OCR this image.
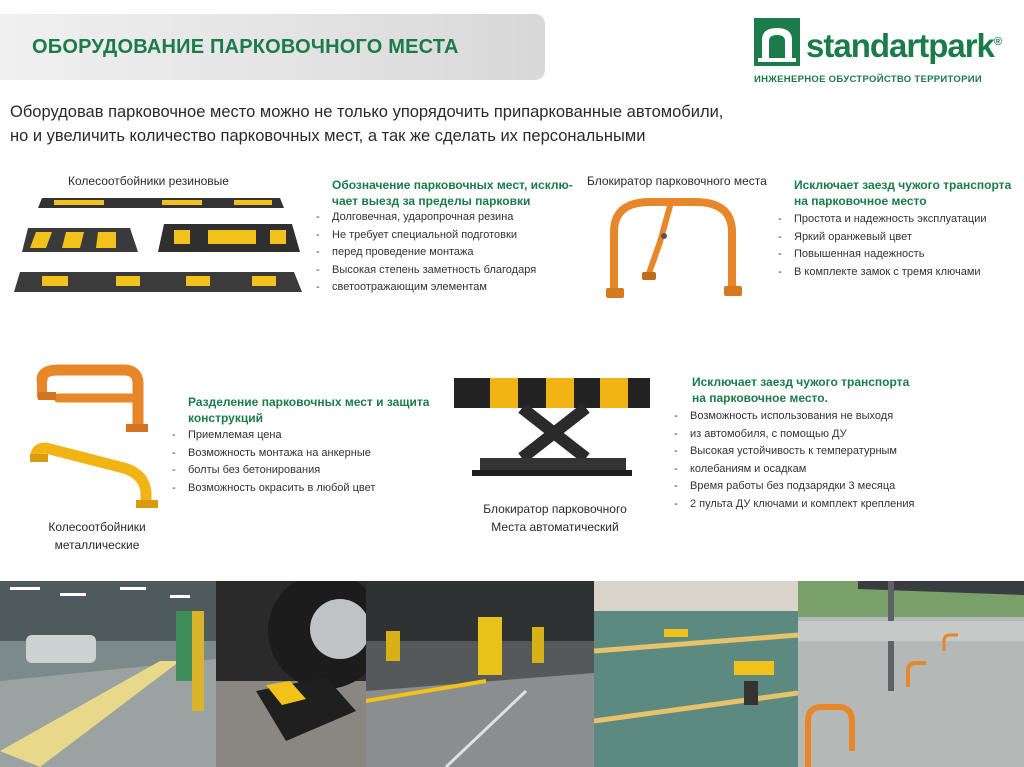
ОБОРУДОВАНИЕ ПАРКОВОЧНОГО МЕСТА	standartpark®
ИНЖЕНЕРНОЕ ОБУСТРОЙСТВО ТЕРРИТОРИИ
Оборудовав парковочное место можно не только упорядочить припаркованные автомобили,
но и увеличить количество парковочных мест, а так же сделать их персональными
Колесоотбойники резиновые	Обозначение парковочных мест, исклю-
чает выезд за пределы парковки
- Долговечная, ударопрочная резина
- Не требует специальной подготовки
- перед проведение монтажа
- Высокая степень заметность благодаря
- светоотражающим элементам
Блокиратор парковочного места Исключает заезд чужого транспорта
на парковочное место
- Простота и надежность эксплуатации
- Яркий оранжевый цвет
- Повышенная надежность
- В комплекте замок с тремя ключами
Колесоотбойники
металлические
Разделение парковочных мест и защита
конструкций
- Приемлемая цена
- Возможность монтажа на анкерные
- болты без бетонирования
- Возможность окрасить в любой цвет
Блокиратор парковочного
Места автоматический
Исключает заезд чужого транспорта
на парковочное место.
- Возможность использования не выходя
- из автомобиля, с помощью ДУ
- Высокая устойчивость к температурным
- колебаниям и осадкам
- Время работы без подзарядки 3 месяца
- 2 пульта ДУ ключами и комплект крепления
